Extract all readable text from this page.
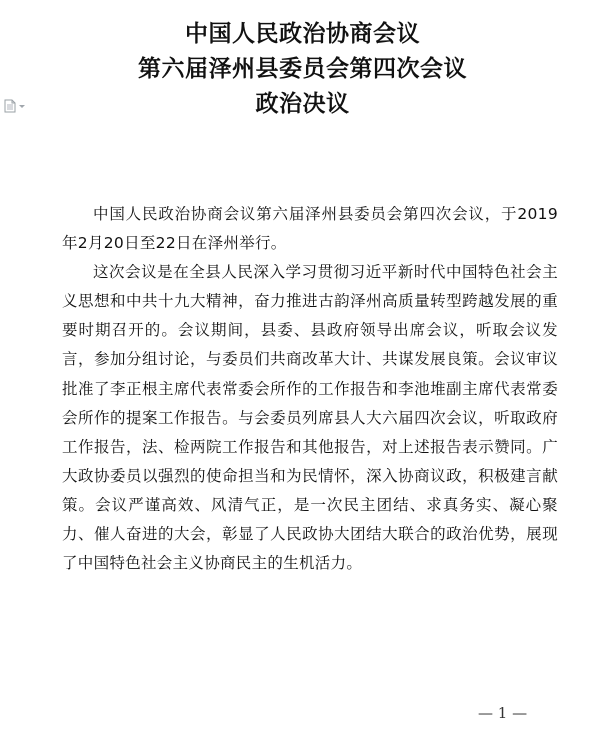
中国人民政治协商会议
第六届泽州县委员会第四次会议
政治决议

中国人民政治协商会议第六届泽州县委员会第四次会议，于2019年2月20日至22日在泽州举行。

这次会议是在全县人民深入学习贯彻习近平新时代中国特色社会主义思想和中共十九大精神，奋力推进古韵泽州高质量转型跨越发展的重要时期召开的。会议期间，县委、县政府领导出席会议，听取会议发言，参加分组讨论，与委员们共商改革大计、共谋发展良策。会议审议批准了李正根主席代表常委会所作的工作报告和李池堆副主席代表常委会所作的提案工作报告。与会委员列席县人大六届四次会议，听取政府工作报告，法、检两院工作报告和其他报告，对上述报告表示赞同。广大政协委员以强烈的使命担当和为民情怀，深入协商议政，积极建言献策。会议严谨高效、风清气正，是一次民主团结、求真务实、凝心聚力、催人奋进的大会，彰显了人民政协大团结大联合的政治优势，展现了中国特色社会主义协商民主的生机活力。

— 1 —
